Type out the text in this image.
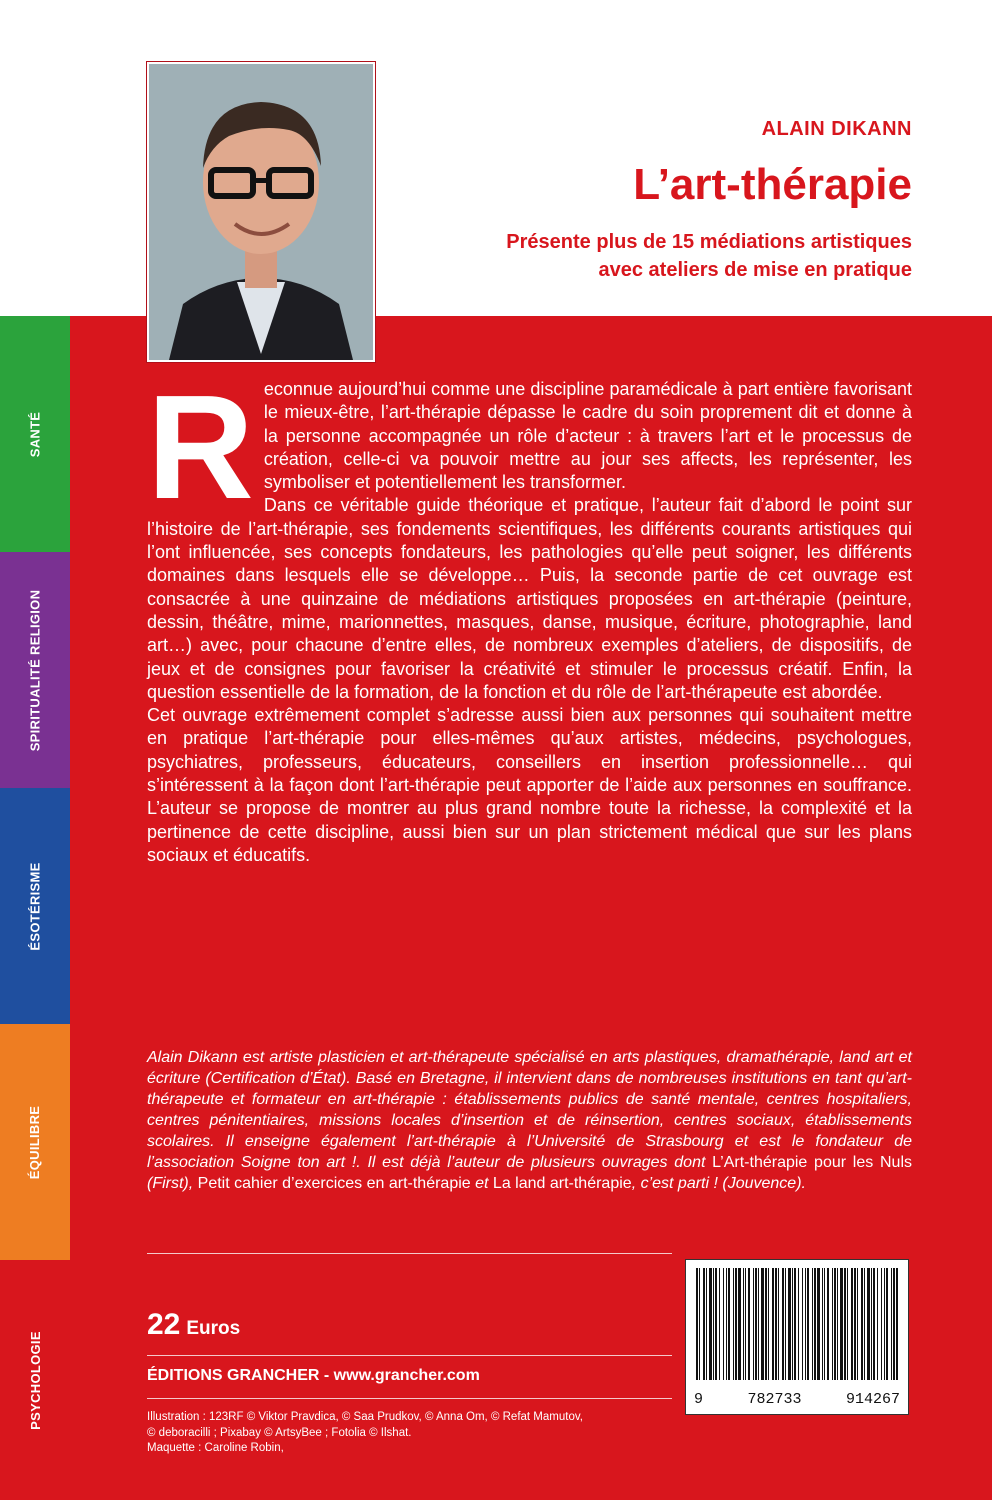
SANTÉ
SPIRITUALITÉ RELIGION
ÉSOTÉRISME
ÉQUILIBRE
PSYCHOLOGIE
ALAIN DIKANN
L’art-thérapie
Présente plus de 15 médiations artistiques
avec ateliers de mise en pratique

Reconnue aujourd’hui comme une discipline paramédicale à part entière favorisant le mieux-être, l’art-thérapie dépasse le cadre du soin proprement dit et donne à la personne accompagnée un rôle d’acteur : à travers l’art et le processus de création, celle-ci va pouvoir mettre au jour ses affects, les représenter, les symboliser et potentiellement les transformer.

Dans ce véritable guide théorique et pratique, l’auteur fait d’abord le point sur l’histoire de l’art-thérapie, ses fondements scientifiques, les différents courants artistiques qui l’ont influencée, ses concepts fondateurs, les pathologies qu’elle peut soigner, les différents domaines dans lesquels elle se développe… Puis, la seconde partie de cet ouvrage est consacrée à une quinzaine de médiations artistiques proposées en art-thérapie (peinture, dessin, théâtre, mime, marionnettes, masques, danse, musique, écriture, photographie, land art…) avec, pour chacune d’entre elles, de nombreux exemples d’ateliers, de dispositifs, de jeux et de consignes pour favoriser la créativité et stimuler le processus créatif. Enfin, la question essentielle de la formation, de la fonction et du rôle de l’art-thérapeute est abordée.

Cet ouvrage extrêmement complet s’adresse aussi bien aux personnes qui souhaitent mettre en pratique l’art-thérapie pour elles-mêmes qu’aux artistes, médecins, psychologues, psychiatres, professeurs, éducateurs, conseillers en insertion professionnelle… qui s’intéressent à la façon dont l’art-thérapie peut apporter de l’aide aux personnes en souffrance. L’auteur se propose de montrer au plus grand nombre toute la richesse, la complexité et la pertinence de cette discipline, aussi bien sur un plan strictement médical que sur les plans sociaux et éducatifs.

Alain Dikann est artiste plasticien et art-thérapeute spécialisé en arts plastiques, dramathérapie, land art et écriture (Certification d’État). Basé en Bretagne, il intervient dans de nombreuses institutions en tant qu’art-thérapeute et formateur en art-thérapie : établissements publics de santé mentale, centres hospitaliers, centres pénitentiaires, missions locales d’insertion et de réinsertion, centres sociaux, établissements scolaires. Il enseigne également l’art-thérapie à l’Université de Strasbourg et est le fondateur de l’association Soigne ton art !. Il est déjà l’auteur de plusieurs ouvrages dont L’Art-thérapie pour les Nuls (First), Petit cahier d’exercices en art-thérapie et La land art-thérapie, c’est parti ! (Jouvence).
22 Euros
ÉDITIONS GRANCHER - www.grancher.com
Illustration : 123RF © Viktor Pravdica, © Saa Prudkov, © Anna Om, © Refat Mamutov,
© deboracilli ; Pixabay © ArtsyBee ; Fotolia © Ilshat.
Maquette : Caroline Robin,
9	782733	914267
